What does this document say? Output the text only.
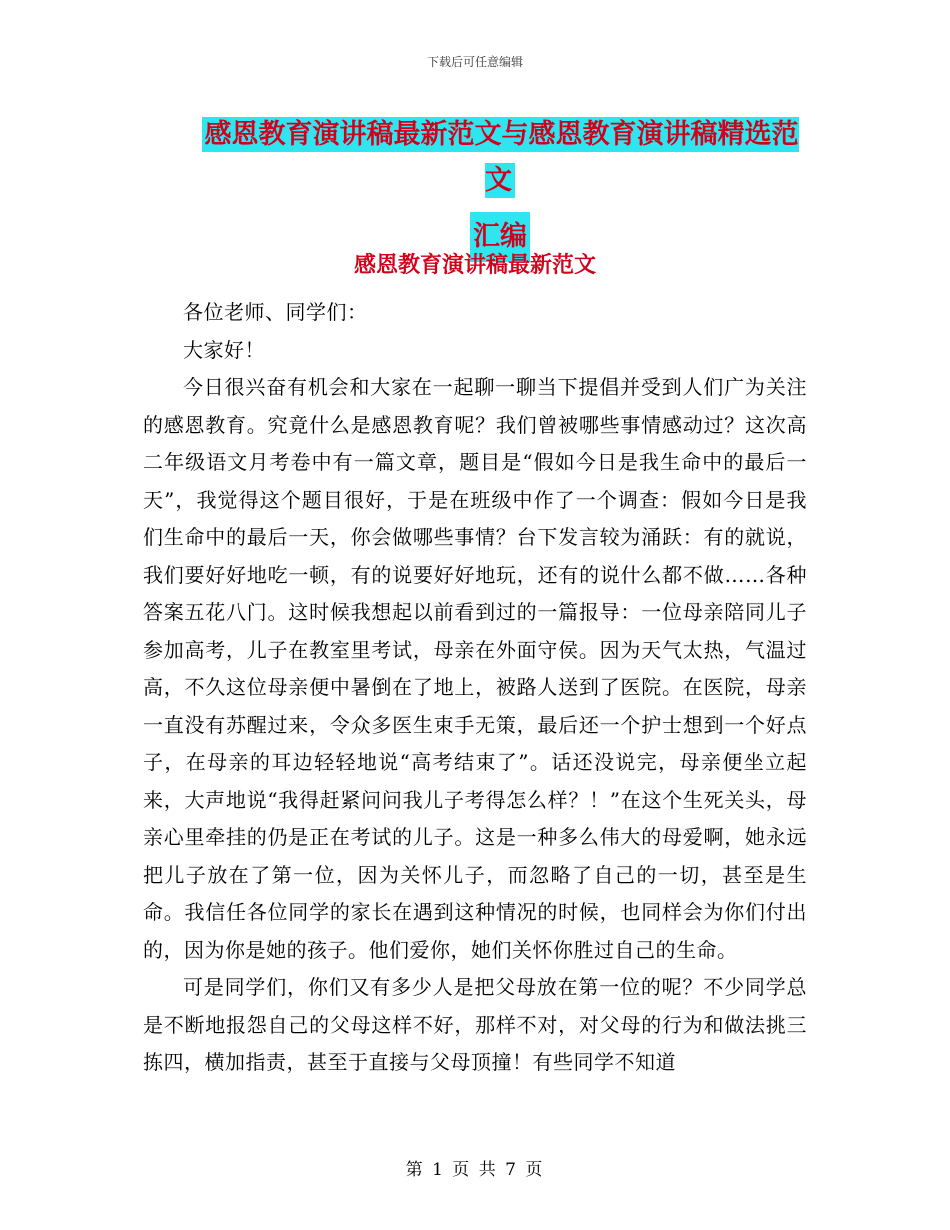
下载后可任意编辑
感恩教育演讲稿最新范文与感恩教育演讲稿精选范文
汇编
感恩教育演讲稿最新范文

各位老师、同学们：

大家好！

今日很兴奋有机会和大家在一起聊一聊当下提倡并受到人们广为关注的感恩教育。究竟什么是感恩教育呢？我们曾被哪些事情感动过？这次高二年级语文月考卷中有一篇文章，题目是“假如今日是我生命中的最后一天”，我觉得这个题目很好，于是在班级中作了一个调查：假如今日是我们生命中的最后一天，你会做哪些事情？台下发言较为涌跃：有的就说，我们要好好地吃一顿，有的说要好好地玩，还有的说什么都不做……各种答案五花八门。这时候我想起以前看到过的一篇报导：一位母亲陪同儿子参加高考，儿子在教室里考试，母亲在外面守侯。因为天气太热，气温过高，不久这位母亲便中暑倒在了地上，被路人送到了医院。在医院，母亲一直没有苏醒过来，令众多医生束手无策，最后还一个护士想到一个好点子，在母亲的耳边轻轻地说“高考结束了”。话还没说完，母亲便坐立起来，大声地说“我得赶紧问问我儿子考得怎么样？！”在这个生死关头，母亲心里牵挂的仍是正在考试的儿子。这是一种多么伟大的母爱啊，她永远把儿子放在了第一位，因为关怀儿子，而忽略了自己的一切，甚至是生命。我信任各位同学的家长在遇到这种情况的时候，也同样会为你们付出的，因为你是她的孩子。他们爱你，她们关怀你胜过自己的生命。

可是同学们，你们又有多少人是把父母放在第一位的呢？不少同学总是不断地报怨自己的父母这样不好，那样不对，对父母的行为和做法挑三拣四，横加指责，甚至于直接与父母顶撞！有些同学不知道

第 1 页 共 7 页
